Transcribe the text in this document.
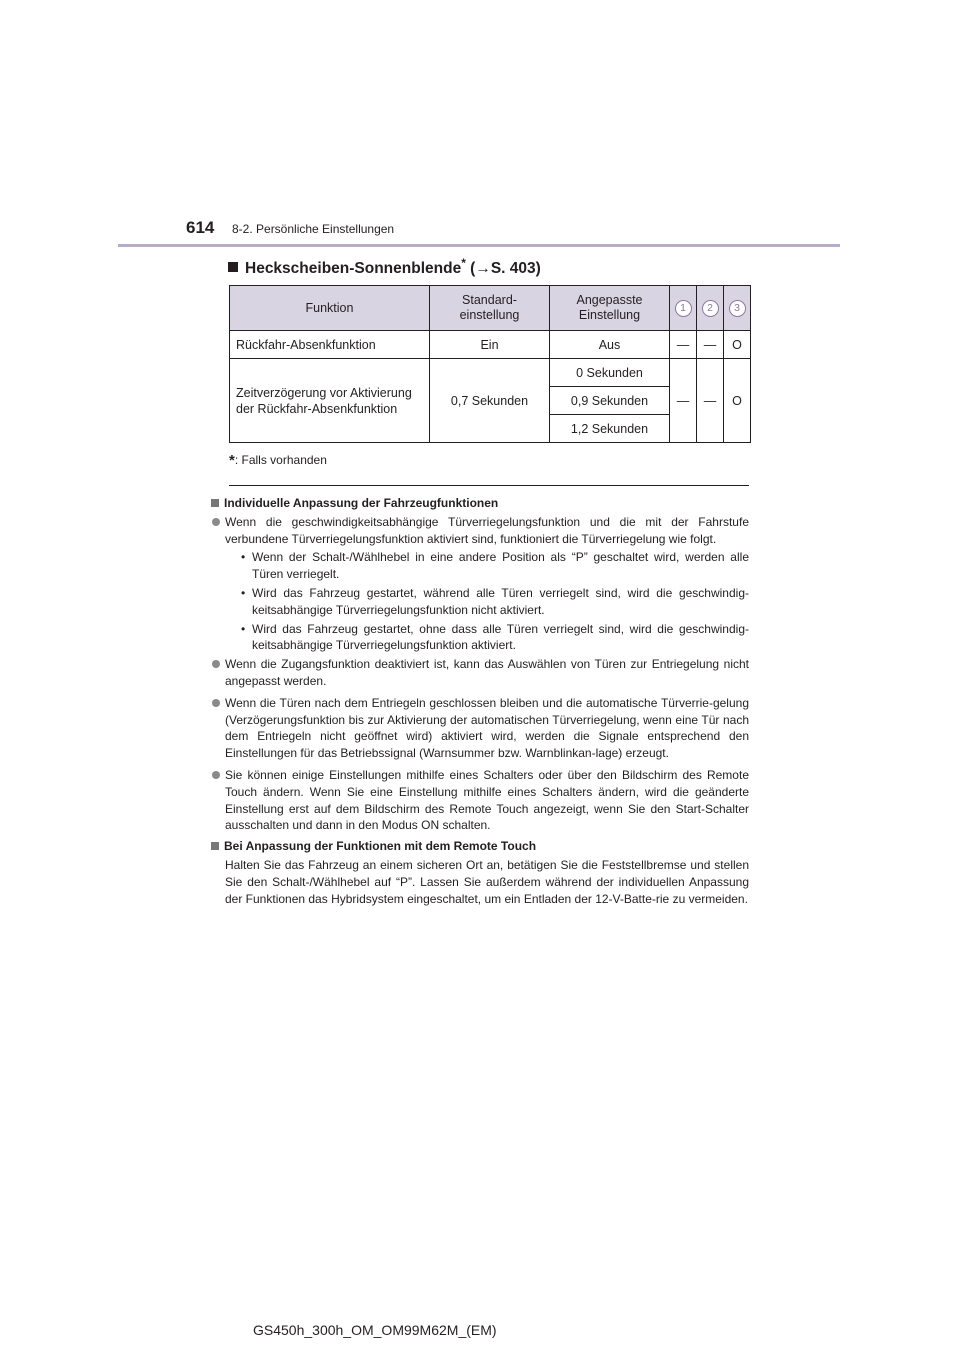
614 8-2. Persönliche Einstellungen
Heckscheiben-Sonnenblende* (→S. 403)
Funktion	Standard-einstellung	Angepasste Einstellung	1	2	3
Rückfahr-Absenkfunktion	Ein	Aus	—	—	O
Zeitverzögerung vor Aktivierung der Rückfahr-Absenkfunktion	0,7 Sekunden	0 Sekunden	—	—	O
		0,9 Sekunden			
		1,2 Sekunden			
*: Falls vorhanden
Individuelle Anpassung der Fahrzeugfunktionen
Wenn die geschwindigkeitsabhängige Türverriegelungsfunktion und die mit der Fahrstufe verbundene Türverriegelungsfunktion aktiviert sind, funktioniert die Türverriegelung wie folgt.
• Wenn der Schalt-/Wählhebel in eine andere Position als “P” geschaltet wird, werden alle Türen verriegelt.
• Wird das Fahrzeug gestartet, während alle Türen verriegelt sind, wird die geschwindig-keitsabhängige Türverriegelungsfunktion nicht aktiviert.
• Wird das Fahrzeug gestartet, ohne dass alle Türen verriegelt sind, wird die geschwindig-keitsabhängige Türverriegelungsfunktion aktiviert.
Wenn die Zugangsfunktion deaktiviert ist, kann das Auswählen von Türen zur Entriegelung nicht angepasst werden.
Wenn die Türen nach dem Entriegeln geschlossen bleiben und die automatische Türverrie-gelung (Verzögerungsfunktion bis zur Aktivierung der automatischen Türverriegelung, wenn eine Tür nach dem Entriegeln nicht geöffnet wird) aktiviert wird, werden die Signale entsprechend den Einstellungen für das Betriebssignal (Warnsummer bzw. Warnblinkan-lage) erzeugt.
Sie können einige Einstellungen mithilfe eines Schalters oder über den Bildschirm des Remote Touch ändern. Wenn Sie eine Einstellung mithilfe eines Schalters ändern, wird die geänderte Einstellung erst auf dem Bildschirm des Remote Touch angezeigt, wenn Sie den Start-Schalter ausschalten und dann in den Modus ON schalten.
Bei Anpassung der Funktionen mit dem Remote Touch
Halten Sie das Fahrzeug an einem sicheren Ort an, betätigen Sie die Feststellbremse und stellen Sie den Schalt-/Wählhebel auf “P”. Lassen Sie außerdem während der individuellen Anpassung der Funktionen das Hybridsystem eingeschaltet, um ein Entladen der 12-V-Batte-rie zu vermeiden.
GS450h_300h_OM_OM99M62M_(EM)
